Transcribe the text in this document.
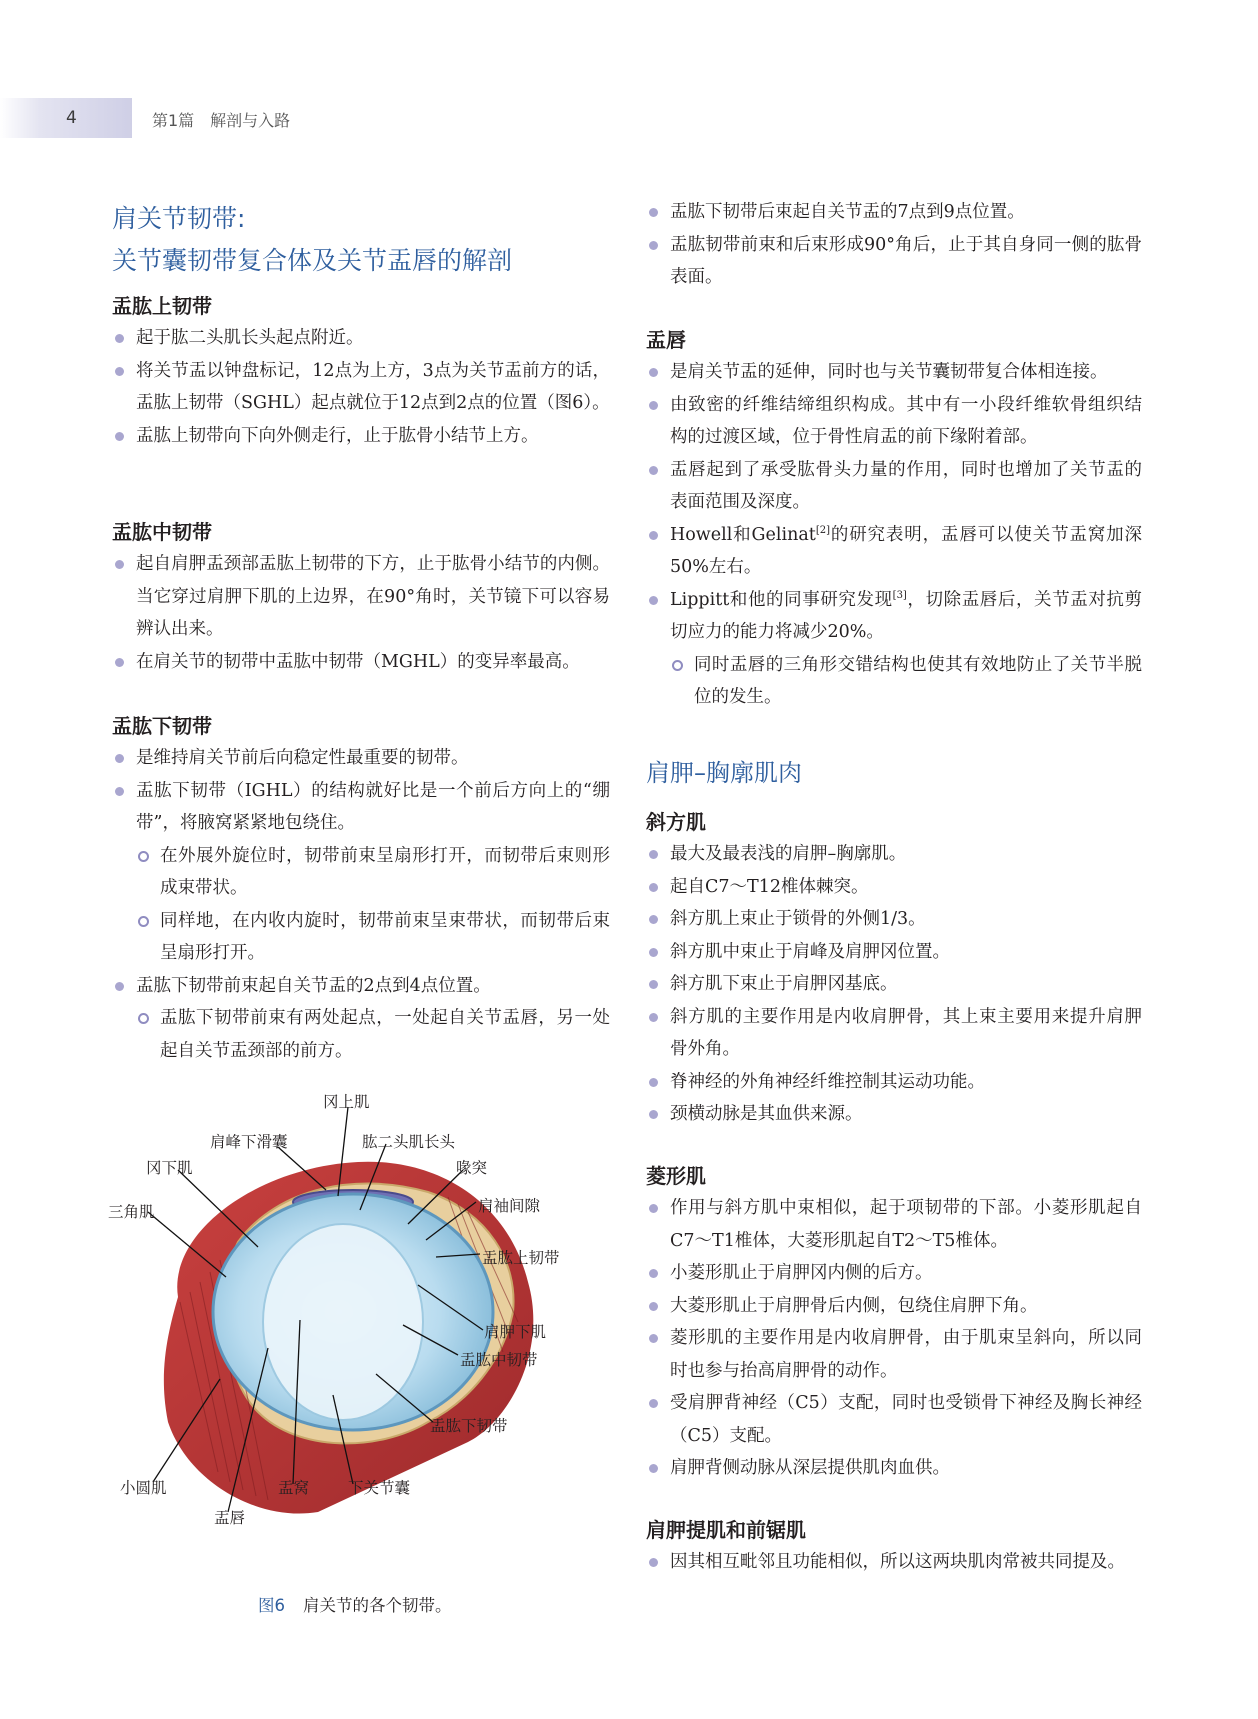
4	第1篇　解剖与入路
肩关节韧带:
关节囊韧带复合体及关节盂唇的解剖
盂肱上韧带
起于肱二头肌长头起点附近。
将关节盂以钟盘标记，12点为上方，3点为关节盂前方的话，盂肱上韧带（SGHL）起点就位于12点到2点的位置（图6）。
盂肱上韧带向下向外侧走行，止于肱骨小结节上方。
盂肱中韧带
起自肩胛盂颈部盂肱上韧带的下方，止于肱骨小结节的内侧。当它穿过肩胛下肌的上边界，在90°角时，关节镜下可以容易辨认出来。
在肩关节的韧带中盂肱中韧带（MGHL）的变异率最高。
盂肱下韧带
是维持肩关节前后向稳定性最重要的韧带。
盂肱下韧带（IGHL）的结构就好比是一个前后方向上的“绷带”，将腋窝紧紧地包绕住。
在外展外旋位时，韧带前束呈扇形打开，而韧带后束则形成束带状。
同样地，在内收内旋时，韧带前束呈束带状，而韧带后束呈扇形打开。
盂肱下韧带前束起自关节盂的2点到4点位置。
盂肱下韧带前束有两处起点，一处起自关节盂唇，另一处起自关节盂颈部的前方。
冈上肌
肩峰下滑囊	肱二头肌长头
冈下肌	喙突
三角肌	肩袖间隙
盂肱上韧带
肩胛下肌
盂肱中韧带
盂肱下韧带
小圆肌	盂窝	下关节囊
盂唇
图6 肩关节的各个韧带。
盂肱下韧带后束起自关节盂的7点到9点位置。
盂肱韧带前束和后束形成90°角后，止于其自身同一侧的肱骨表面。
盂唇
是肩关节盂的延伸，同时也与关节囊韧带复合体相连接。
由致密的纤维结缔组织构成。其中有一小段纤维软骨组织结构的过渡区域，位于骨性肩盂的前下缘附着部。
盂唇起到了承受肱骨头力量的作用，同时也增加了关节盂的表面范围及深度。
Howell和Gelinat[2]的研究表明，盂唇可以使关节盂窝加深50%左右。
Lippitt和他的同事研究发现[3]，切除盂唇后，关节盂对抗剪切应力的能力将减少20%。
同时盂唇的三角形交错结构也使其有效地防止了关节半脱位的发生。
肩胛–胸廓肌肉
斜方肌
最大及最表浅的肩胛–胸廓肌。
起自C7～T12椎体棘突。
斜方肌上束止于锁骨的外侧1/3。
斜方肌中束止于肩峰及肩胛冈位置。
斜方肌下束止于肩胛冈基底。
斜方肌的主要作用是内收肩胛骨，其上束主要用来提升肩胛骨外角。
脊神经的外角神经纤维控制其运动功能。
颈横动脉是其血供来源。
菱形肌
作用与斜方肌中束相似，起于项韧带的下部。小菱形肌起自C7～T1椎体，大菱形肌起自T2～T5椎体。
小菱形肌止于肩胛冈内侧的后方。
大菱形肌止于肩胛骨后内侧，包绕住肩胛下角。
菱形肌的主要作用是内收肩胛骨，由于肌束呈斜向，所以同时也参与抬高肩胛骨的动作。
受肩胛背神经（C5）支配，同时也受锁骨下神经及胸长神经（C5）支配。
肩胛背侧动脉从深层提供肌肉血供。
肩胛提肌和前锯肌
因其相互毗邻且功能相似，所以这两块肌肉常被共同提及。
